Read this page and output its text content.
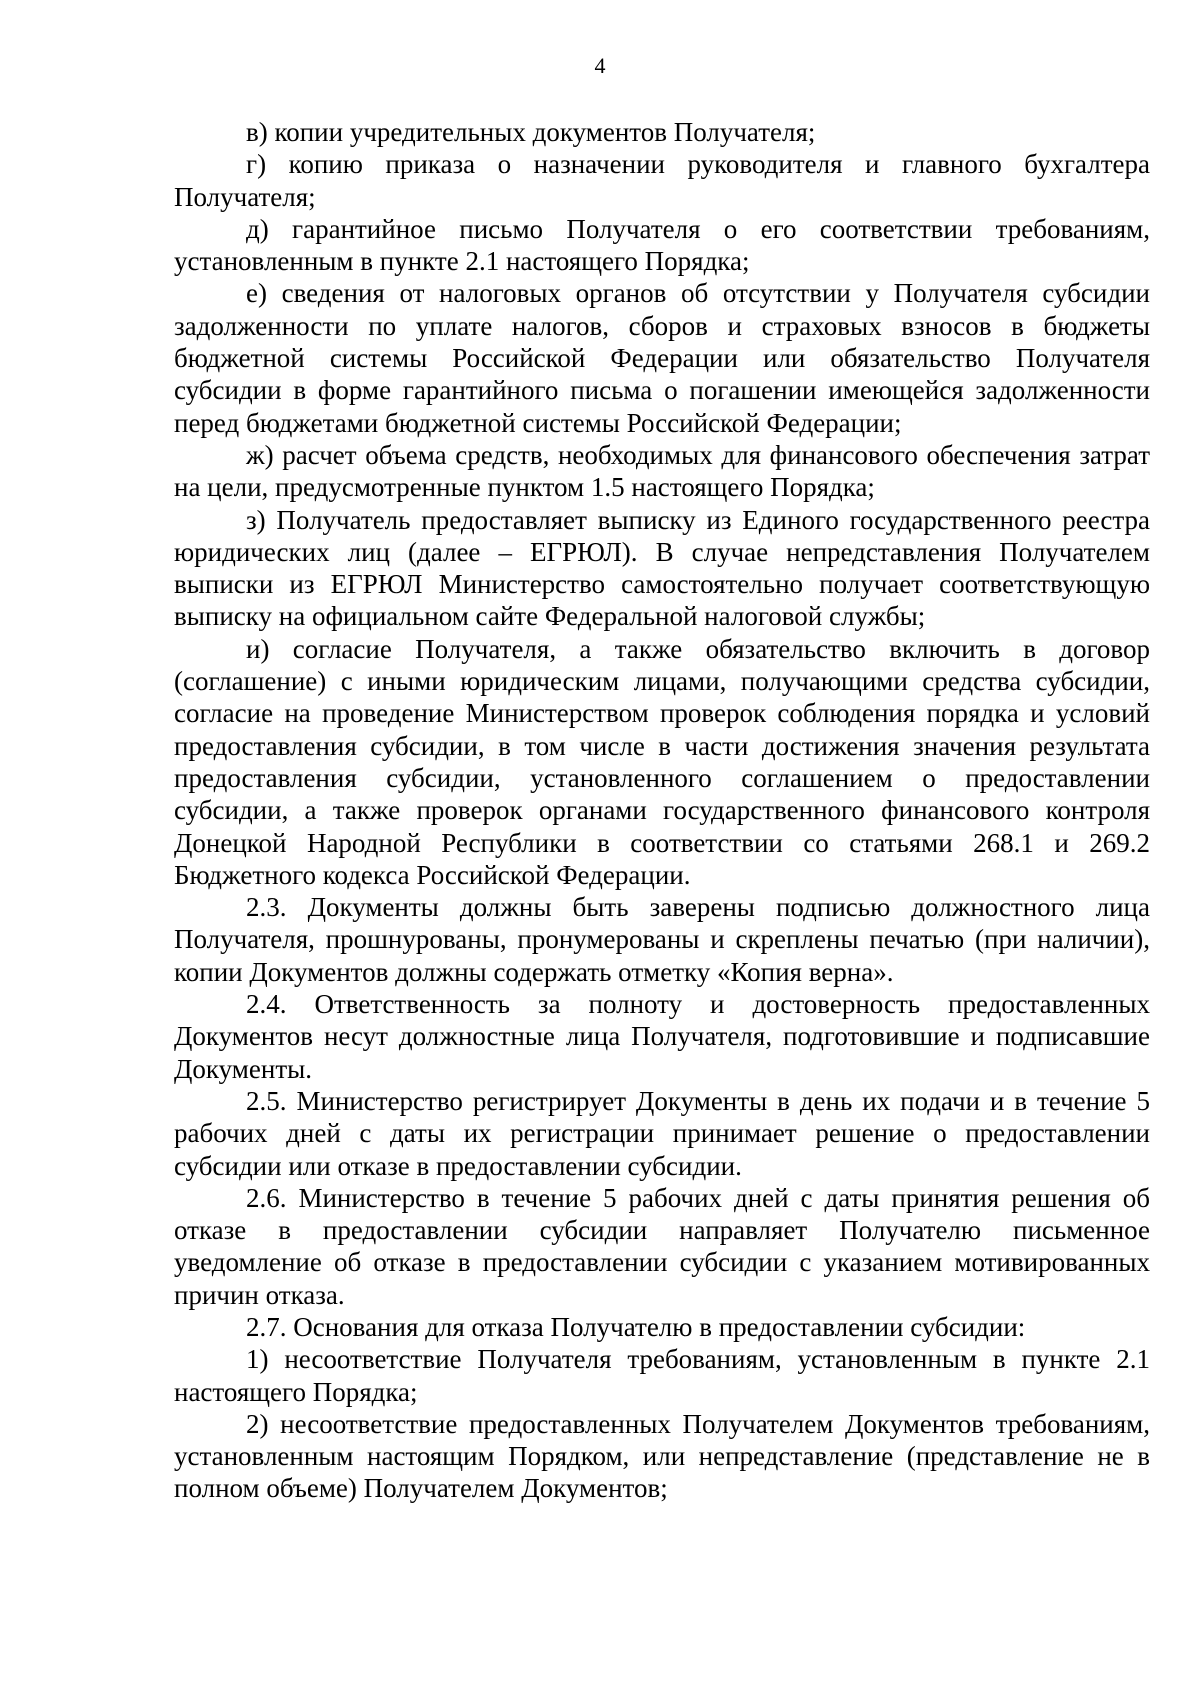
4

в) копии учредительных документов Получателя;

г) копию приказа о назначении руководителя и главного бухгалтера Получателя;

д) гарантийное письмо Получателя о его соответствии требованиям, установленным в пункте 2.1 настоящего Порядка;

е) сведения от налоговых органов об отсутствии у Получателя субсидии задолженности по уплате налогов, сборов и страховых взносов в бюджеты бюджетной системы Российской Федерации или обязательство Получателя субсидии в форме гарантийного письма о погашении имеющейся задолженности перед бюджетами бюджетной системы Российской Федерации;

ж) расчет объема средств, необходимых для финансового обеспечения затрат на цели, предусмотренные пунктом 1.5 настоящего Порядка;

з) Получатель предоставляет выписку из Единого государственного реестра юридических лиц (далее – ЕГРЮЛ). В случае непредставления Получателем выписки из ЕГРЮЛ Министерство самостоятельно получает соответствующую выписку на официальном сайте Федеральной налоговой службы;

и) согласие Получателя, а также обязательство включить в договор (соглашение) с иными юридическим лицами, получающими средства субсидии, согласие на проведение Министерством проверок соблюдения порядка и условий предоставления субсидии, в том числе в части достижения значения результата предоставления субсидии, установленного соглашением о предоставлении субсидии, а также проверок органами государственного финансового контроля Донецкой Народной Республики в соответствии со статьями 268.1 и 269.2 Бюджетного кодекса Российской Федерации.

2.3. Документы должны быть заверены подписью должностного лица Получателя, прошнурованы, пронумерованы и скреплены печатью (при наличии), копии Документов должны содержать отметку «Копия верна».

2.4. Ответственность за полноту и достоверность предоставленных Документов несут должностные лица Получателя, подготовившие и подписавшие Документы.

2.5. Министерство регистрирует Документы в день их подачи и в течение 5 рабочих дней с даты их регистрации принимает решение о предоставлении субсидии или отказе в предоставлении субсидии.

2.6. Министерство в течение 5 рабочих дней с даты принятия решения об отказе в предоставлении субсидии направляет Получателю письменное уведомление об отказе в предоставлении субсидии с указанием мотивированных причин отказа.

2.7. Основания для отказа Получателю в предоставлении субсидии:

1) несоответствие Получателя требованиям, установленным в пункте 2.1 настоящего Порядка;

2) несоответствие предоставленных Получателем Документов требованиям, установленным настоящим Порядком, или непредставление (представление не в полном объеме) Получателем Документов;
